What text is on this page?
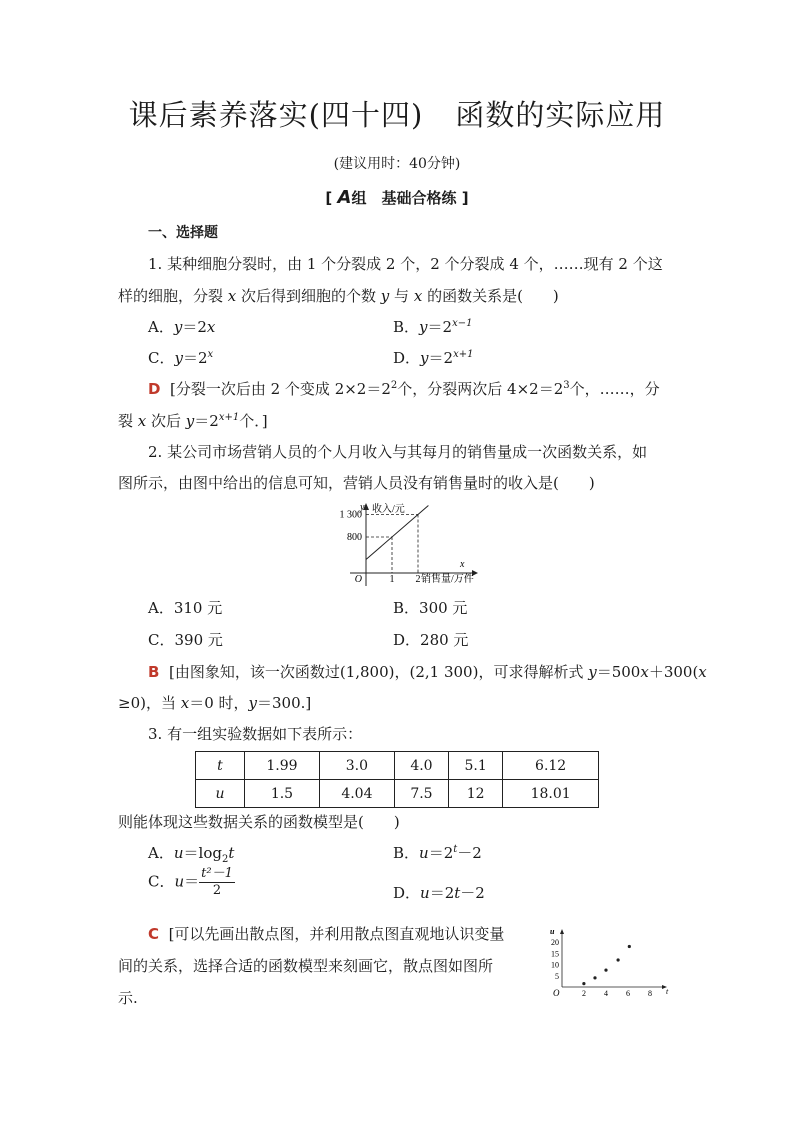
课后素养落实(四十四) 函数的实际应用
(建议用时：40分钟)
[ A组　基础合格练 ]
一、选择题
1. 某种细胞分裂时，由 1 个分裂成 2 个，2 个分裂成 4 个，……现有 2 个这
样的细胞，分裂 x 次后得到细胞的个数 y 与 x 的函数关系是(　　)
A．y＝2x	B．$y=2^{x-1}$
C．$y=2^x$	D．$y=2^{x+1}$
D [分裂一次后由 2 个变成 $2\times 2=2^2$个，分裂两次后 $4\times 2=2^3$个，……，分
裂 x 次后 $y=2^{x+1}$个．]
2. 某公司市场营销人员的个人月收入与其每月的销售量成一次函数关系，如
图所示，由图中给出的信息可知，营销人员没有销售量时的收入是(　　)
y 收入/元
x
销售量/万件
O
800
1 300
1 2
A．310 元	B．300 元
C．390 元	D．280 元
B [由图象知，该一次函数过(1,800)，(2,1 300)，可求得解析式 y＝500x＋300(x
≥0)，当 x＝0 时，y＝300.]
3. 有一组实验数据如下表所示：
t	1.99	3.0	4.0	5.1	6.12
u	1.5	4.04	7.5	12	18.01
则能体现这些数据关系的函数模型是(　　)
A．$u=\log_2t$	B．$u=2^t-2$
C．$u= \frac{\text{t²－1}}{2}$	D．u＝2t－2
C [可以先画出散点图，并利用散点图直观地认识变量
间的关系，选择合适的函数模型来刻画它，散点图如图所
示.
u
t
O
20
15
10
5
2 4 6 8
